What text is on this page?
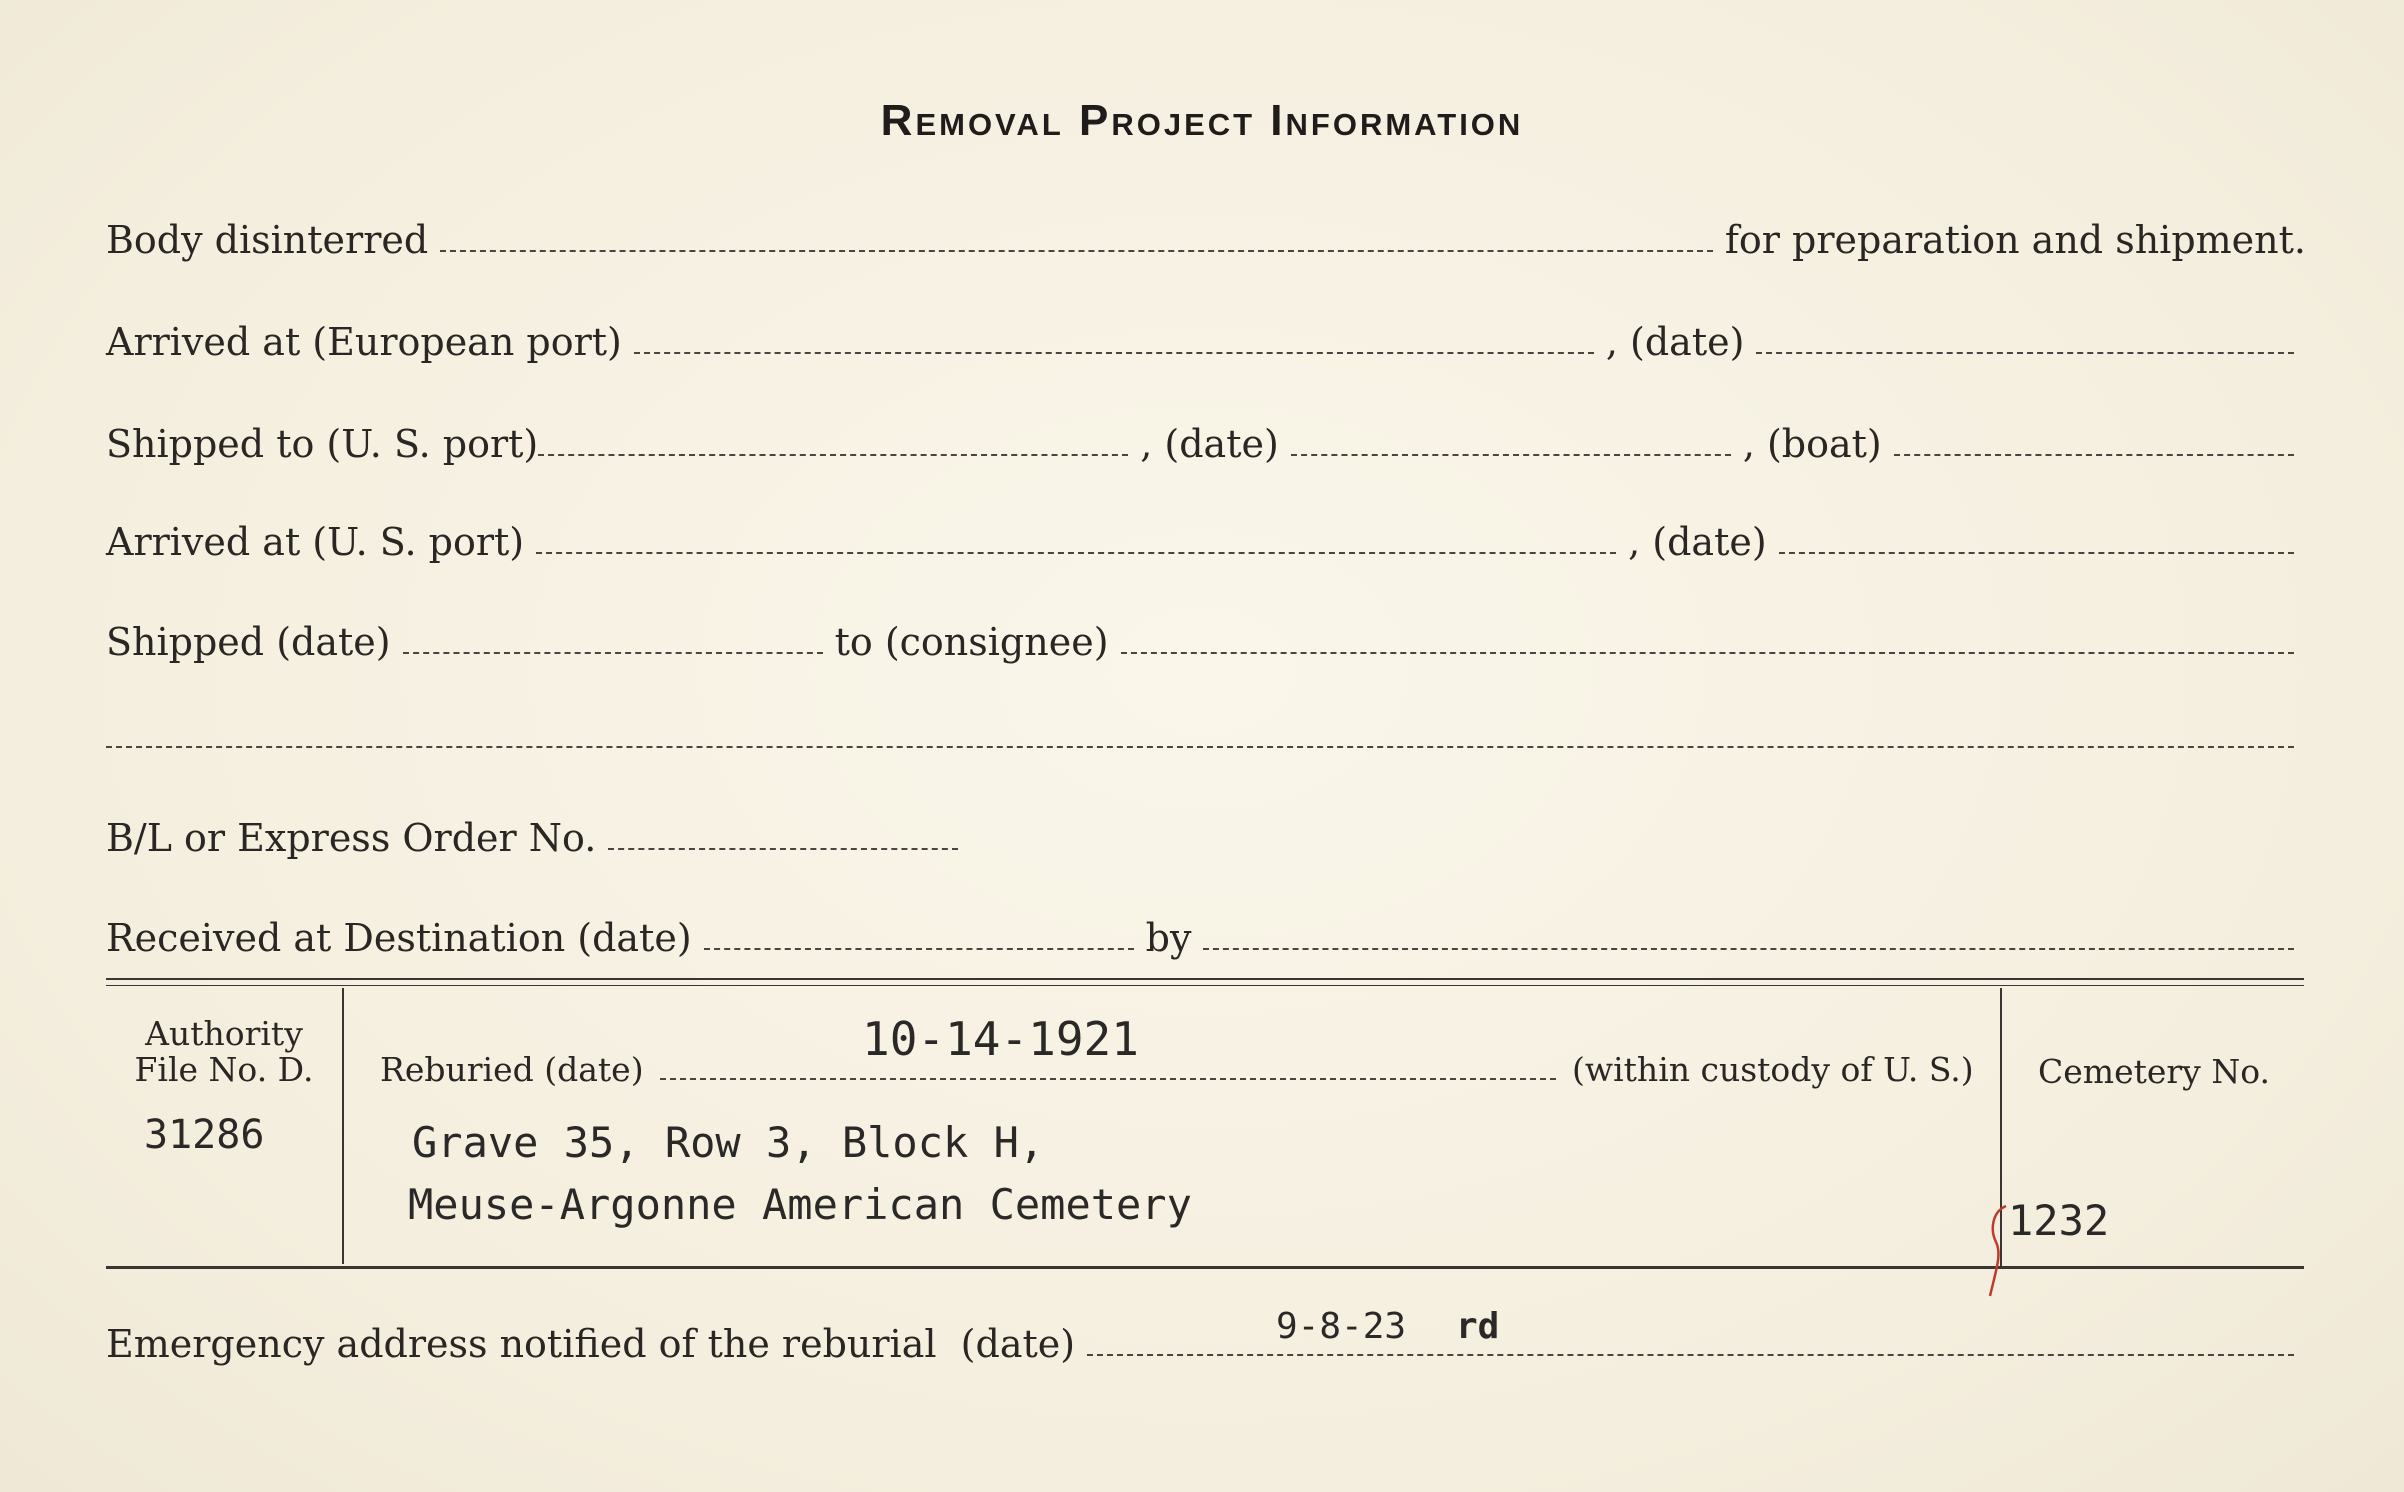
Removal Project Information
Body disinterred	for preparation and shipment.
Arrived at (European port)	, (date)
Shipped to (U. S. port)	, (date)	, (boat)
Arrived at (U. S. port)	, (date)
Shipped (date)	to (consignee)
B/L or Express Order No.
Received at Destination (date)	by
Authority
File No. D.
31286
10-14-1921
Reburied (date)	(within custody of U. S.)
Grave 35, Row 3, Block H,
Meuse-Argonne American Cemetery
Cemetery No.
1232
Emergency address notified of the reburial  (date)	9-8-23 rd
